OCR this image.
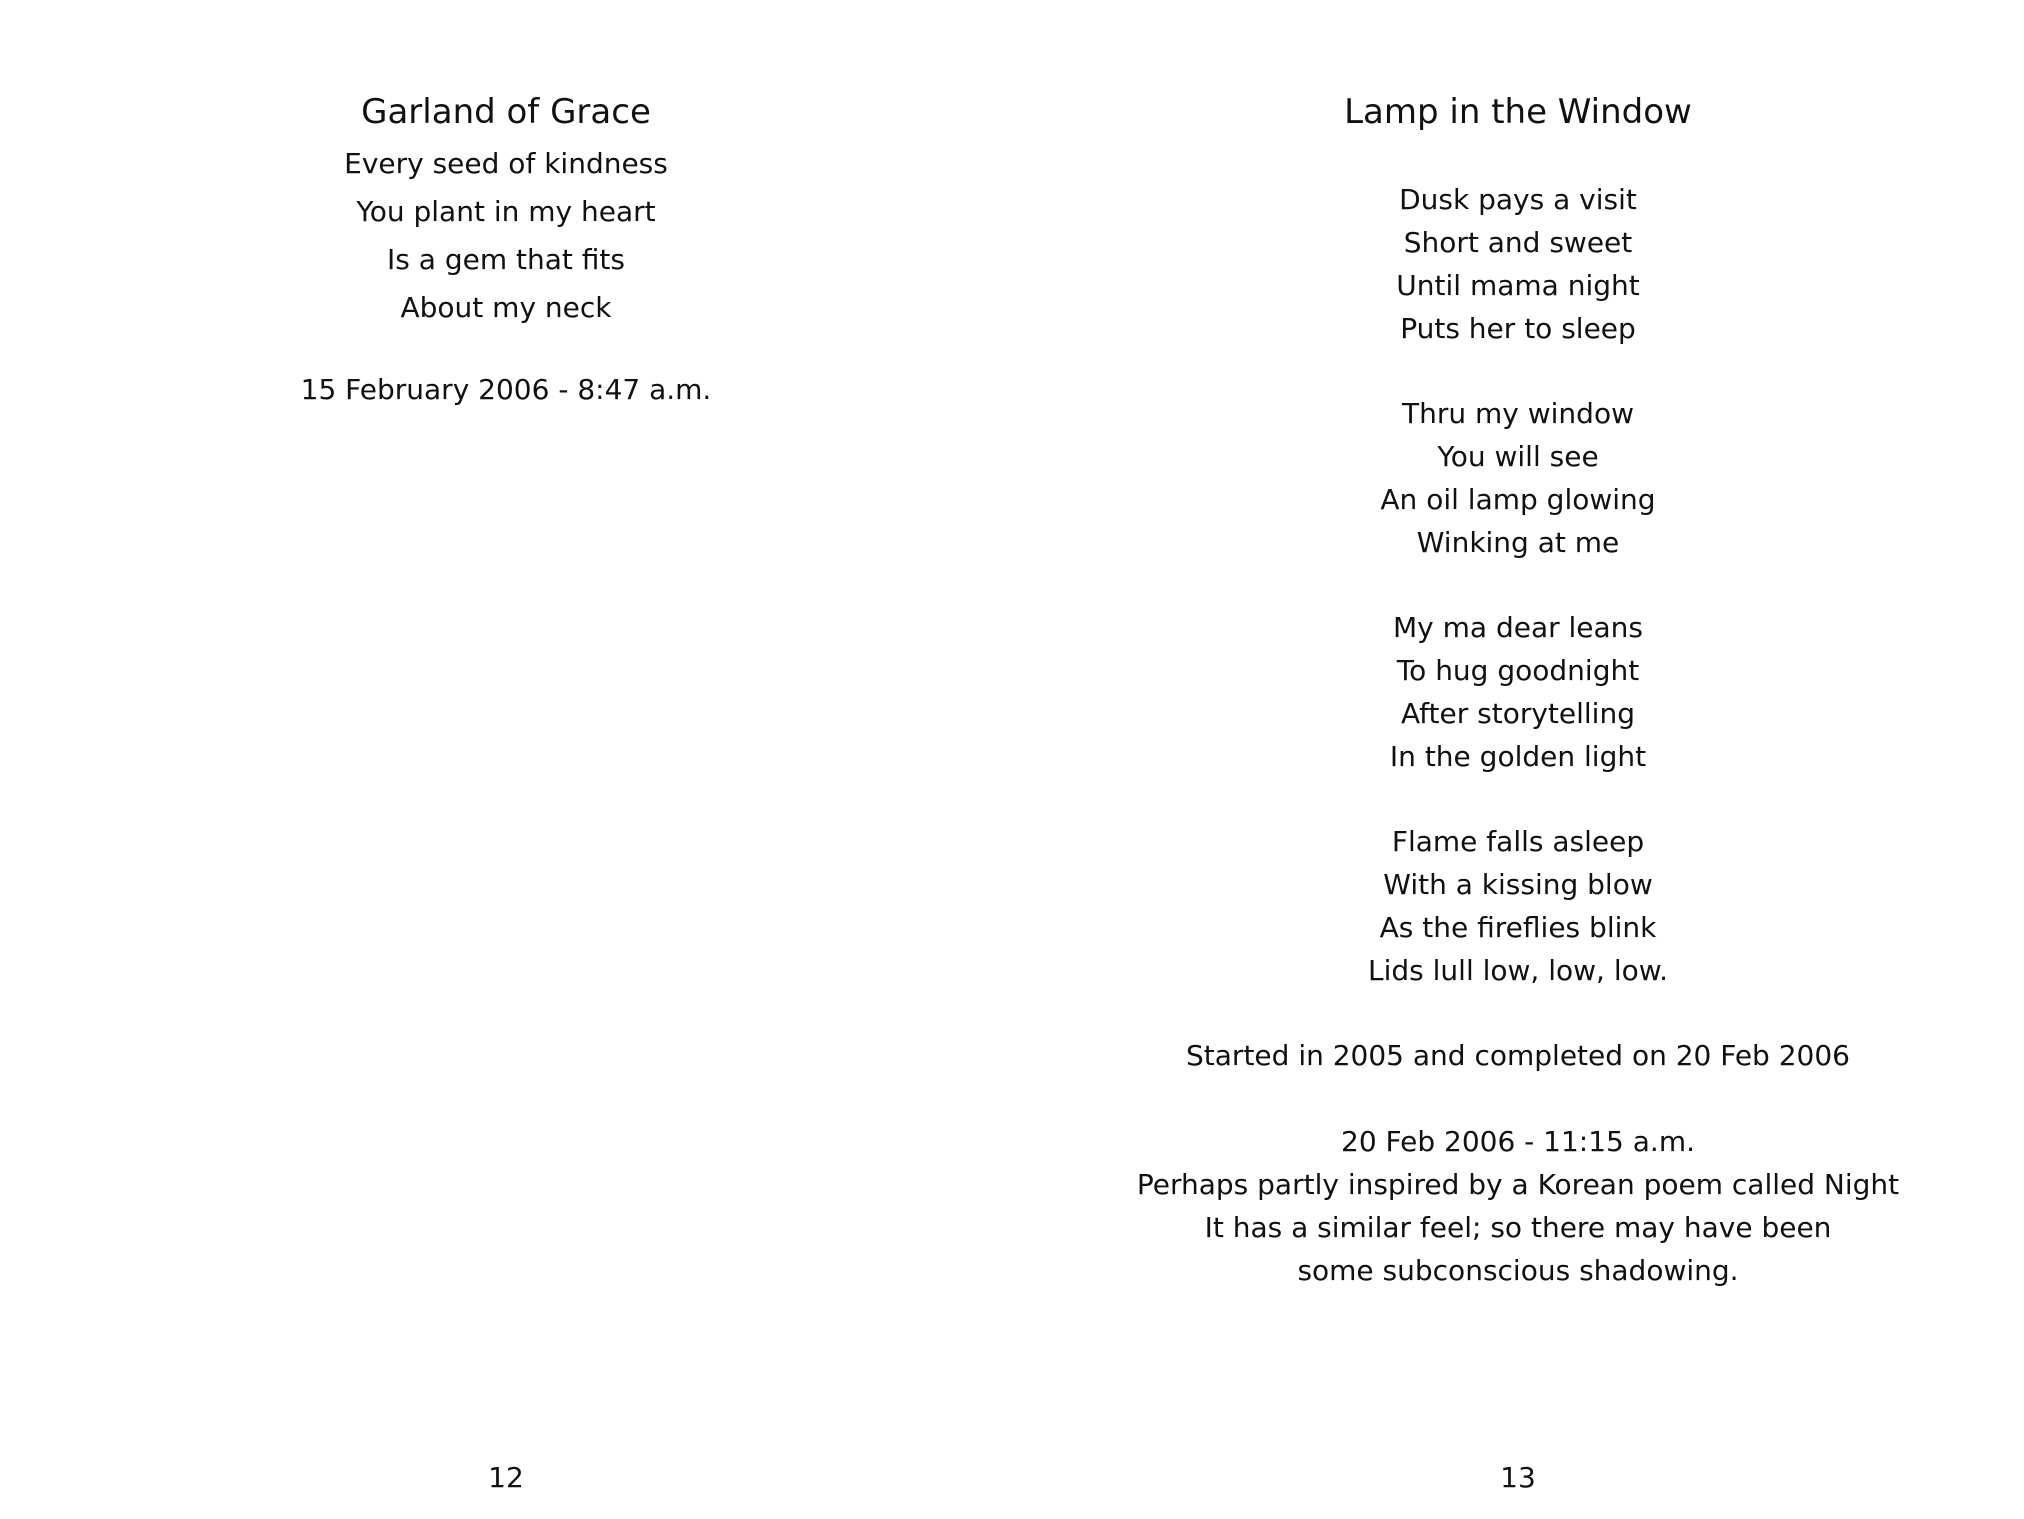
Garland of Grace
Every seed of kindness
You plant in my heart
Is a gem that fits
About my neck
15 February 2006 - 8:47 a.m.
12
Lamp in the Window
Dusk pays a visit
Short and sweet
Until mama night
Puts her to sleep
Thru my window
You will see
An oil lamp glowing
Winking at me
My ma dear leans
To hug goodnight
After storytelling
In the golden light
Flame falls asleep
With a kissing blow
As the fireflies blink
Lids lull low, low, low.
Started in 2005 and completed on 20 Feb 2006
20 Feb 2006 - 11:15 a.m.
Perhaps partly inspired by a Korean poem called Night
It has a similar feel; so there may have been
some subconscious shadowing.
13
